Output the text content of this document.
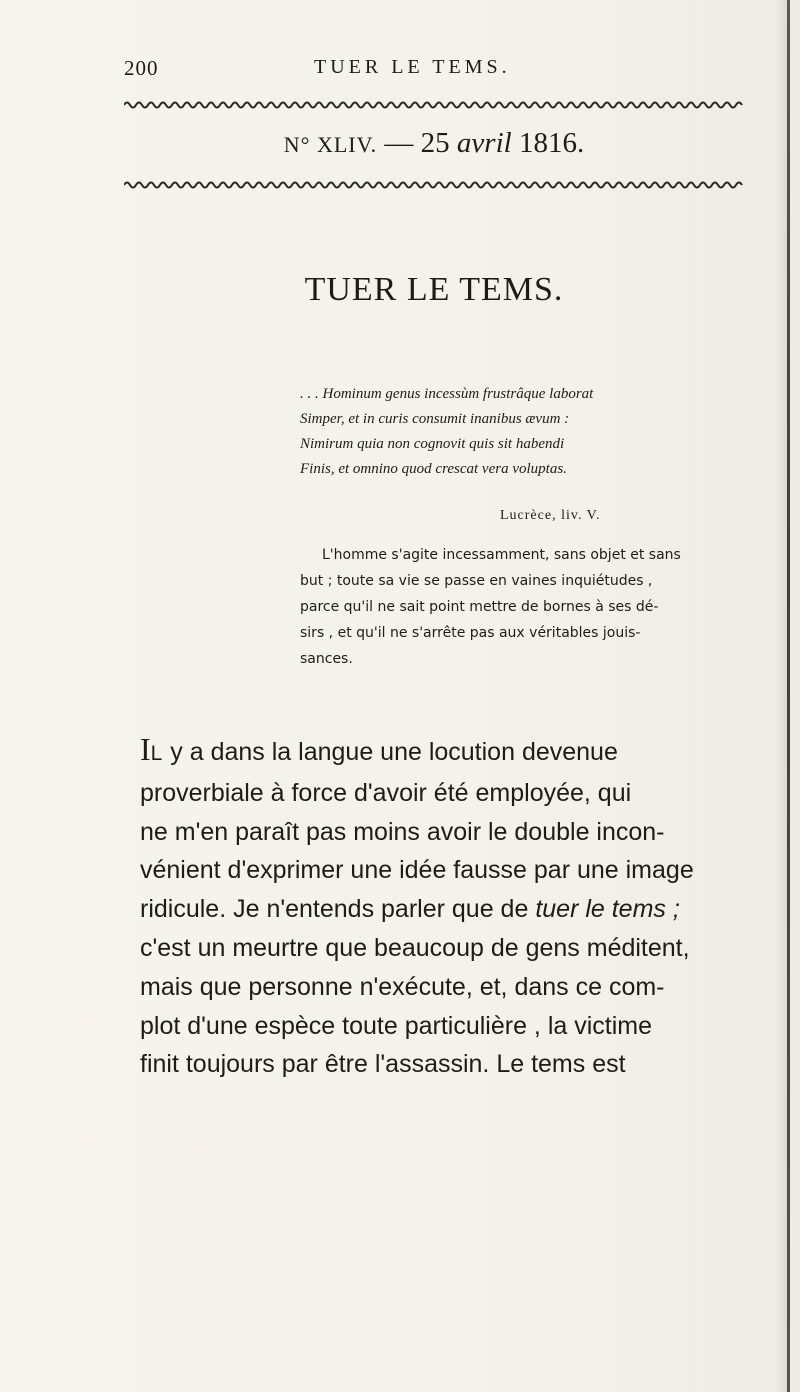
200	TUER LE TEMS.
N° XLIV. — 25 avril 1816.
TUER LE TEMS.
. . . Hominum genus incessùm frustrâque laborat
Simper, et in curis consumit inanibus ævum :
Nimirum quia non cognovit quis sit habendi
Finis, et omnino quod crescat vera voluptas.
Lucrèce, liv. V.
L'homme s'agite incessamment, sans objet et sans
but ; toute sa vie se passe en vaines inquiétudes ,
parce qu'il ne sait point mettre de bornes à ses dé-
sirs , et qu'il ne s'arrête pas aux véritables jouis-
sances.
IL y a dans la langue une locution devenue
proverbiale à force d'avoir été employée, qui
ne m'en paraît pas moins avoir le double incon-
vénient d'exprimer une idée fausse par une image
ridicule. Je n'entends parler que de tuer le tems ;
c'est un meurtre que beaucoup de gens méditent,
mais que personne n'exécute, et, dans ce com-
plot d'une espèce toute particulière , la victime
finit toujours par être l'assassin. Le tems est
